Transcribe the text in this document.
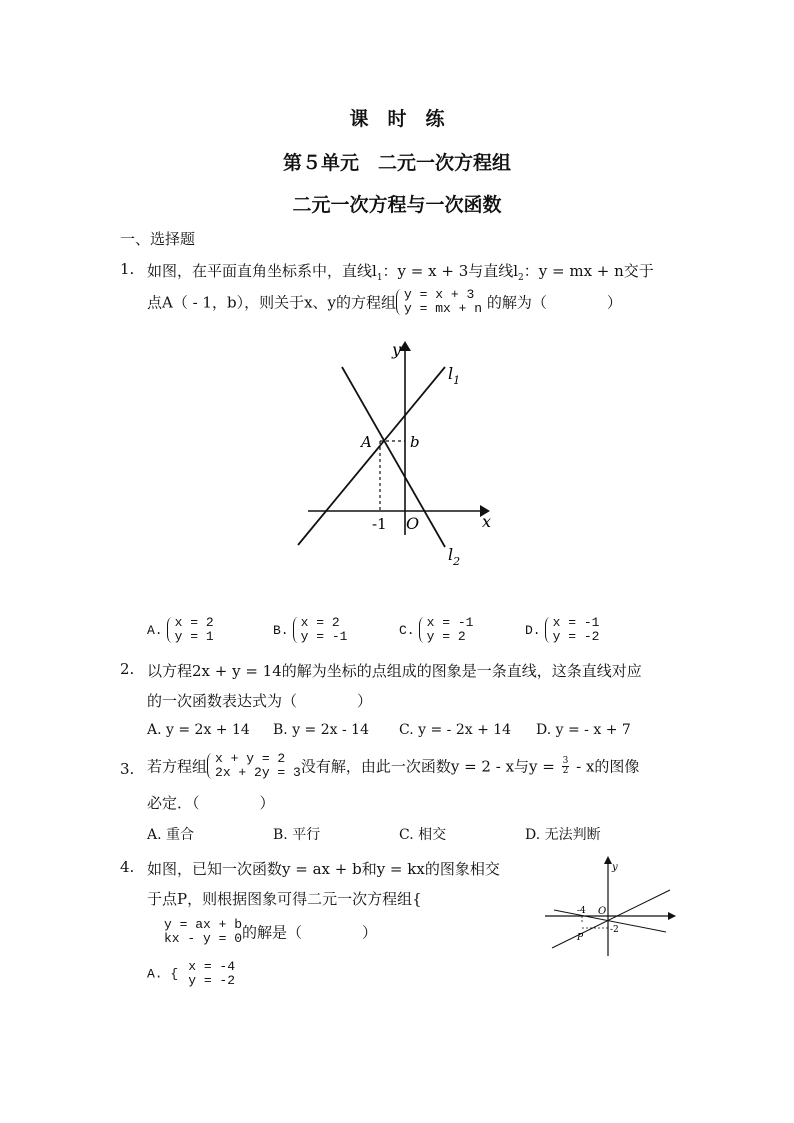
课　时　练
第５单元　二元一次方程组
二元一次方程与一次函数
一、选择题
1. 如图，在平面直角坐标系中，直线$l_1$：y = x + 3与直线$l_2$：y = mx + n交于
点A（ - 1，b），则关于x、y的方程组 y = x + 3
y = mx + n 的解为（　　　　）
y
x
$l_1$
$l_2$
A	b
-1 O
A. x = 2
y = 1	B. x = 2
y = -1	C. x = -1
y = 2	D. x = -1
y = -2
2. 以方程2x + y = 14的解为坐标的点组成的图象是一条直线，这条直线对应
的一次函数表达式为（　　　　）
A. y = 2x + 14 B. y = 2x - 14 C. y = - 2x + 14 D. y = - x + 7
3. 若方程组 x + y = 2
2x + 2y = 3 没有解，由此一次函数y = 2 - x与$y = \frac{3}{2} - x$的图像
必定．（　　　　）
A. 重合	B. 平行	C. 相交	D. 无法判断
4. 如图，已知一次函数y = ax + b和y = kx的图象相交
于点P，则根据图象可得二元一次方程组{
y = ax + b
kx - y = 0 的解是（　　　　）
A. { x = -4
y = -2
y
O
-4
-2
P
